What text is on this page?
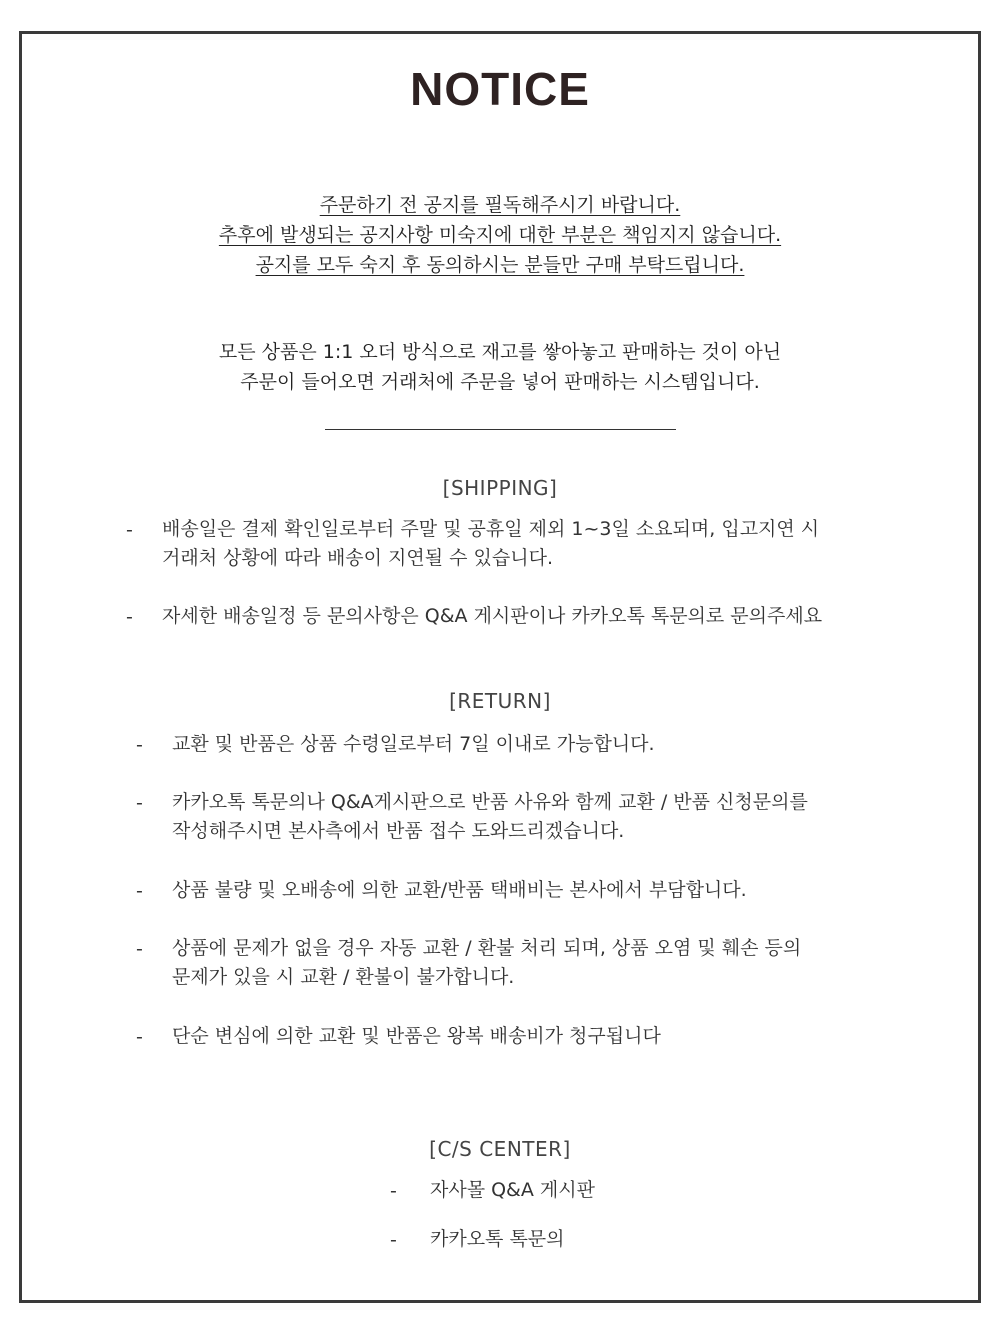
NOTICE
주문하기 전 공지를 필독해주시기 바랍니다.
추후에 발생되는 공지사항 미숙지에 대한 부분은 책임지지 않습니다.
공지를 모두 숙지 후 동의하시는 분들만 구매 부탁드립니다.
모든 상품은 1:1 오더 방식으로 재고를 쌓아놓고 판매하는 것이 아닌
주문이 들어오면 거래처에 주문을 넣어 판매하는 시스템입니다.
[SHIPPING]
- 배송일은 결제 확인일로부터 주말 및 공휴일 제외 1~3일 소요되며, 입고지연 시
거래처 상황에 따라 배송이 지연될 수 있습니다.
- 자세한 배송일정 등 문의사항은 Q&A 게시판이나 카카오톡 톡문의로 문의주세요
[RETURN]
- 교환 및 반품은 상품 수령일로부터 7일 이내로 가능합니다.
- 카카오톡 톡문의나 Q&A게시판으로 반품 사유와 함께 교환 / 반품 신청문의를
작성해주시면 본사측에서 반품 접수 도와드리겠습니다.
- 상품 불량 및 오배송에 의한 교환/반품 택배비는 본사에서 부담합니다.
- 상품에 문제가 없을 경우 자동 교환 / 환불 처리 되며, 상품 오염 및 훼손 등의
문제가 있을 시 교환 / 환불이 불가합니다.
- 단순 변심에 의한 교환 및 반품은 왕복 배송비가 청구됩니다
[C/S CENTER]
- 자사몰 Q&A 게시판
- 카카오톡 톡문의
